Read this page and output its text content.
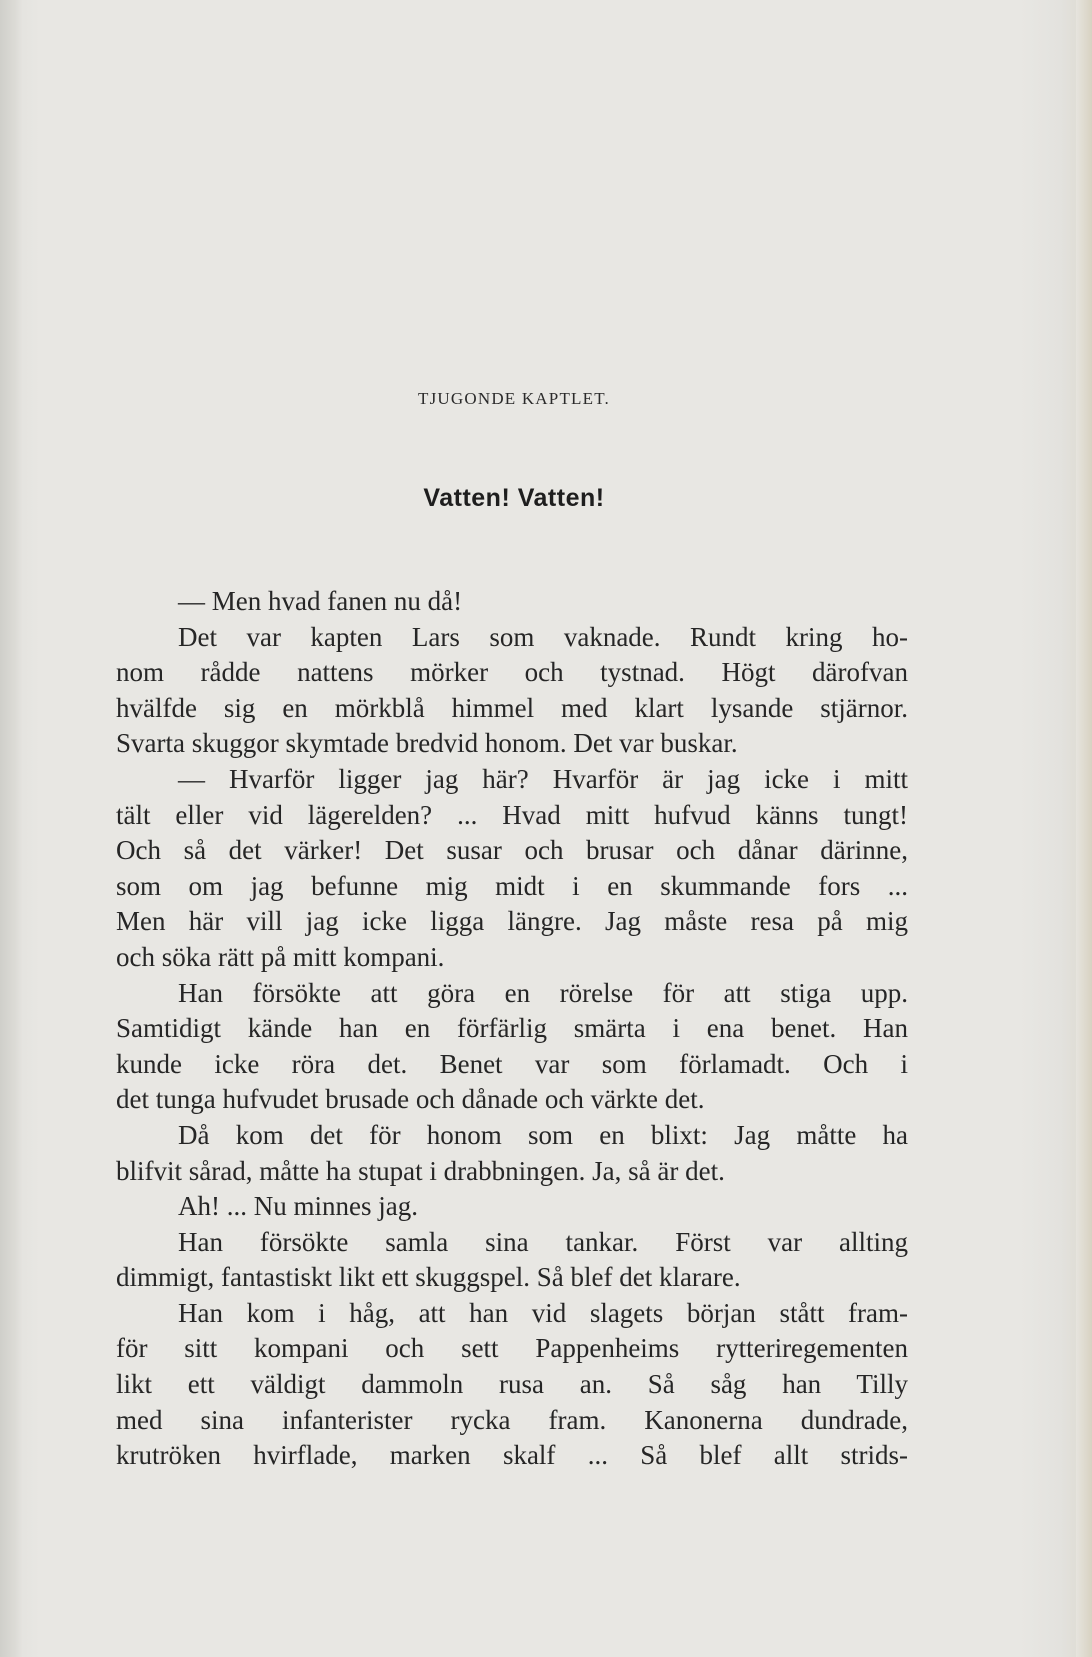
TJUGONDE KAPTLET.
Vatten! Vatten!
— Men hvad fanen nu då!
Det var kapten Lars som vaknade. Rundt kring ho-
nom rådde nattens mörker och tystnad. Högt därofvan
hvälfde sig en mörkblå himmel med klart lysande stjärnor.
Svarta skuggor skymtade bredvid honom. Det var buskar.
— Hvarför ligger jag här? Hvarför är jag icke i mitt
tält eller vid lägerelden? ... Hvad mitt hufvud känns tungt!
Och så det värker! Det susar och brusar och dånar därinne,
som om jag befunne mig midt i en skummande fors ...
Men här vill jag icke ligga längre. Jag måste resa på mig
och söka rätt på mitt kompani.
Han försökte att göra en rörelse för att stiga upp.
Samtidigt kände han en förfärlig smärta i ena benet. Han
kunde icke röra det. Benet var som förlamadt. Och i
det tunga hufvudet brusade och dånade och värkte det.
Då kom det för honom som en blixt: Jag måtte ha
blifvit sårad, måtte ha stupat i drabbningen. Ja, så är det.
Ah! ... Nu minnes jag.
Han försökte samla sina tankar. Först var allting
dimmigt, fantastiskt likt ett skuggspel. Så blef det klarare.
Han kom i håg, att han vid slagets början stått fram-
för sitt kompani och sett Pappenheims rytteriregementen
likt ett väldigt dammoln rusa an. Så såg han Tilly
med sina infanterister rycka fram. Kanonerna dundrade,
krutröken hvirflade, marken skalf ... Så blef allt strids-
